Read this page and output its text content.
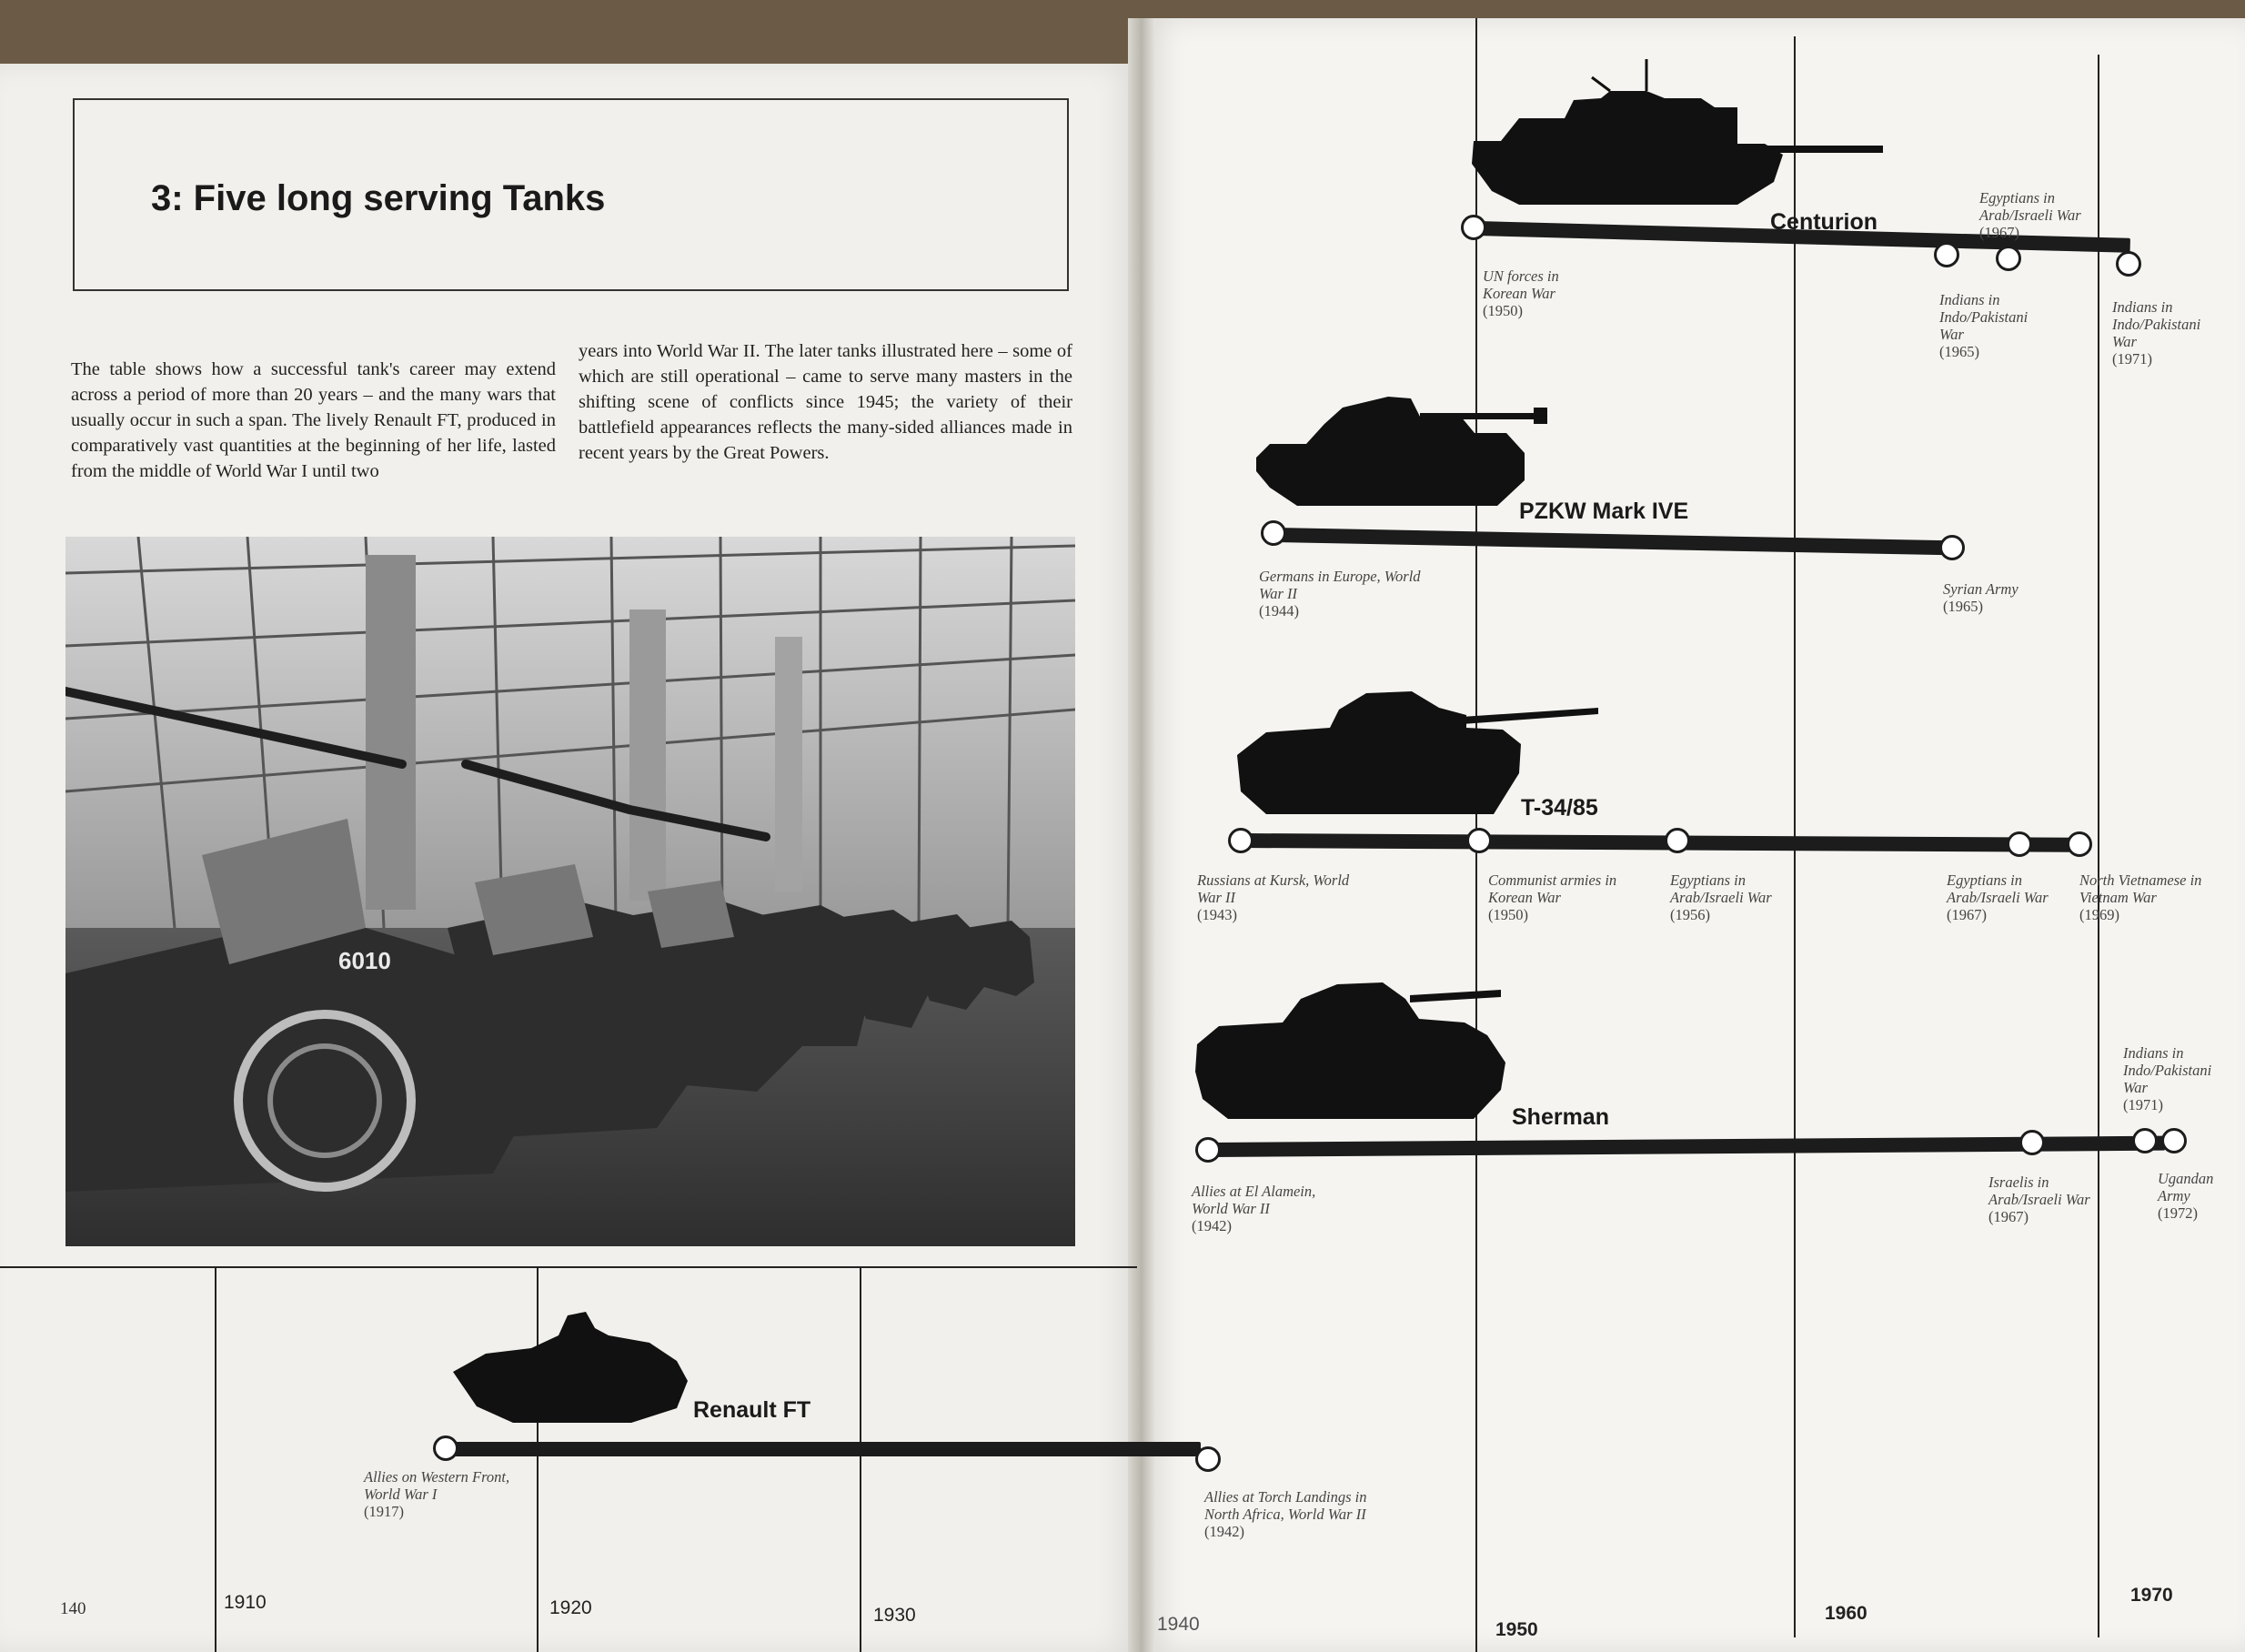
3: Five long serving Tanks
The table shows how a successful tank's career may extend across a period of more than 20 years – and the many wars that usually occur in such a span. The lively Renault FT, produced in comparatively vast quantities at the beginning of her life, lasted from the middle of World War I until two
years into World War II. The later tanks illustrated here – some of which are still operational – came to serve many masters in the shifting scene of conflicts since 1945; the variety of their battlefield appearances reflects the many-sided alliances made in recent years by the Great Powers.
6010
1910	1920	1930	1940	1950
1960
1970
140
Centurion
UN forces in Korean War
(1950)
Egyptians in Arab/Israeli War
(1967)
Indians in Indo/Pakistani War
(1965)
Indians in Indo/Pakistani War
(1971)
PZKW Mark IVE
Germans in Europe, World War II
(1944)
Syrian Army
(1965)
T-34/85
Russians at Kursk, World War II
(1943)
Communist armies in Korean War
(1950)
Egyptians in Arab/Israeli War
(1956)
Egyptians in Arab/Israeli War
(1967)
North Vietnamese in Vietnam War
(1969)
Sherman
Allies at El Alamein, World War II
(1942)
Indians in Indo/Pakistani War
(1971)
Israelis in Arab/Israeli War
(1967)
Ugandan Army
(1972)
Renault FT
Allies on Western Front, World War I
(1917)
Allies at Torch Landings in North Africa, World War II
(1942)
